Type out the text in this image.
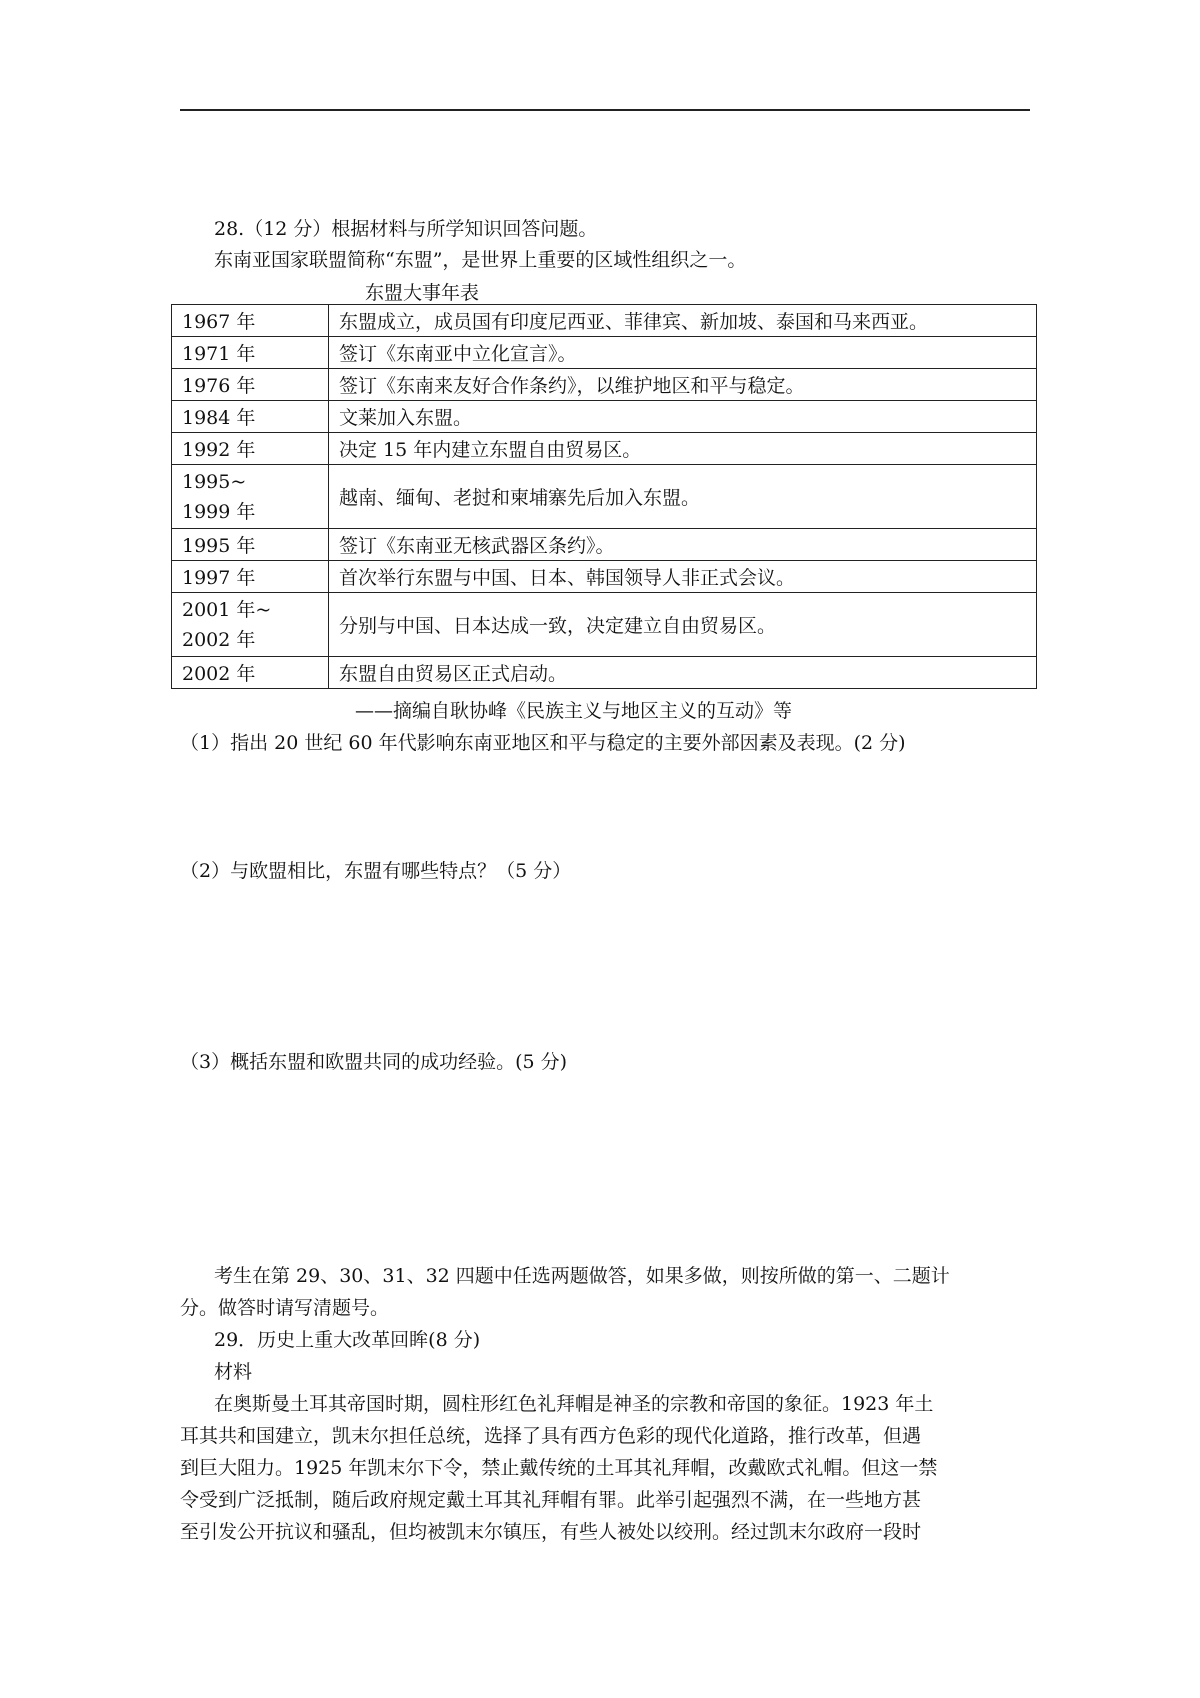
28.（12 分）根据材料与所学知识回答问题。
东南亚国家联盟简称“东盟”，是世界上重要的区域性组织之一。
东盟大事年表
1967 年	东盟成立，成员国有印度尼西亚、菲律宾、新加坡、泰国和马来西亚。
1971 年	签订《东南亚中立化宣言》。
1976 年	签订《东南来友好合作条约》，以维护地区和平与稳定。
1984 年	文莱加入东盟。
1992 年	决定 15 年内建立东盟自由贸易区。

1995~
1999 年	越南、缅甸、老挝和柬埔寨先后加入东盟。
1995 年	签订《东南亚无核武器区条约》。
1997 年	首次举行东盟与中国、日本、韩国领导人非正式会议。

2001 年~
2002 年	分别与中国、日本达成一致，决定建立自由贸易区。
2002 年	东盟自由贸易区正式启动。
——摘编自耿协峰《民族主义与地区主义的互动》等
（1）指出 20 世纪 60 年代影响东南亚地区和平与稳定的主要外部因素及表现。(2 分)
（2）与欧盟相比，东盟有哪些特点？（5 分）
（3）概括东盟和欧盟共同的成功经验。(5 分)
考生在第 29、30、31、32 四题中任选两题做答，如果多做，则按所做的第一、二题计
分。做答时请写清题号。
29．历史上重大改革回眸(8 分)
材料
在奥斯曼土耳其帝国时期，圆柱形红色礼拜帽是神圣的宗教和帝国的象征。1923 年土
耳其共和国建立，凯末尔担任总统，选择了具有西方色彩的现代化道路，推行改革，但遇
到巨大阻力。1925 年凯末尔下令，禁止戴传统的土耳其礼拜帽，改戴欧式礼帽。但这一禁
令受到广泛抵制，随后政府规定戴土耳其礼拜帽有罪。此举引起强烈不满，在一些地方甚
至引发公开抗议和骚乱，但均被凯末尔镇压，有些人被处以绞刑。经过凯末尔政府一段时
